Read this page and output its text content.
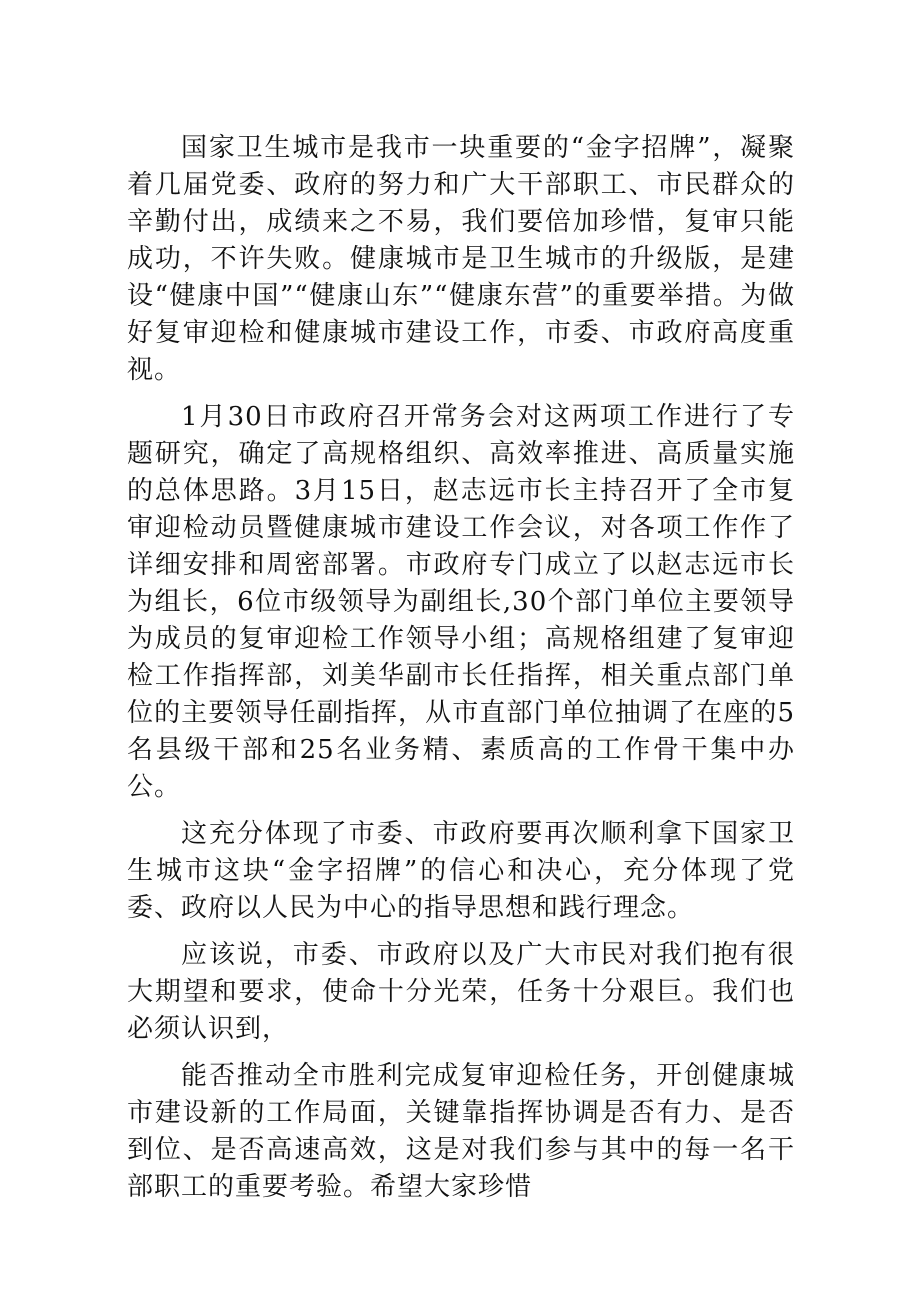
国家卫生城市是我市一块重要的“金字招牌”，凝聚着几届党委、政府的努力和广大干部职工、市民群众的辛勤付出，成绩来之不易，我们要倍加珍惜，复审只能成功，不许失败。健康城市是卫生城市的升级版，是建设“健康中国”“健康山东”“健康东营”的重要举措。为做好复审迎检和健康城市建设工作，市委、市政府高度重视。

1月30日市政府召开常务会对这两项工作进行了专题研究，确定了高规格组织、高效率推进、高质量实施的总体思路。3月15日，赵志远市长主持召开了全市复审迎检动员暨健康城市建设工作会议，对各项工作作了详细安排和周密部署。市政府专门成立了以赵志远市长为组长，6位市级领导为副组长,30个部门单位主要领导为成员的复审迎检工作领导小组；高规格组建了复审迎检工作指挥部，刘美华副市长任指挥，相关重点部门单位的主要领导任副指挥，从市直部门单位抽调了在座的5名县级干部和25名业务精、素质高的工作骨干集中办公。

这充分体现了市委、市政府要再次顺利拿下国家卫生城市这块“金字招牌”的信心和决心，充分体现了党委、政府以人民为中心的指导思想和践行理念。

应该说，市委、市政府以及广大市民对我们抱有很大期望和要求，使命十分光荣，任务十分艰巨。我们也必须认识到，

能否推动全市胜利完成复审迎检任务，开创健康城市建设新的工作局面，关键靠指挥协调是否有力、是否到位、是否高速高效，这是对我们参与其中的每一名干部职工的重要考验。希望大家珍惜
